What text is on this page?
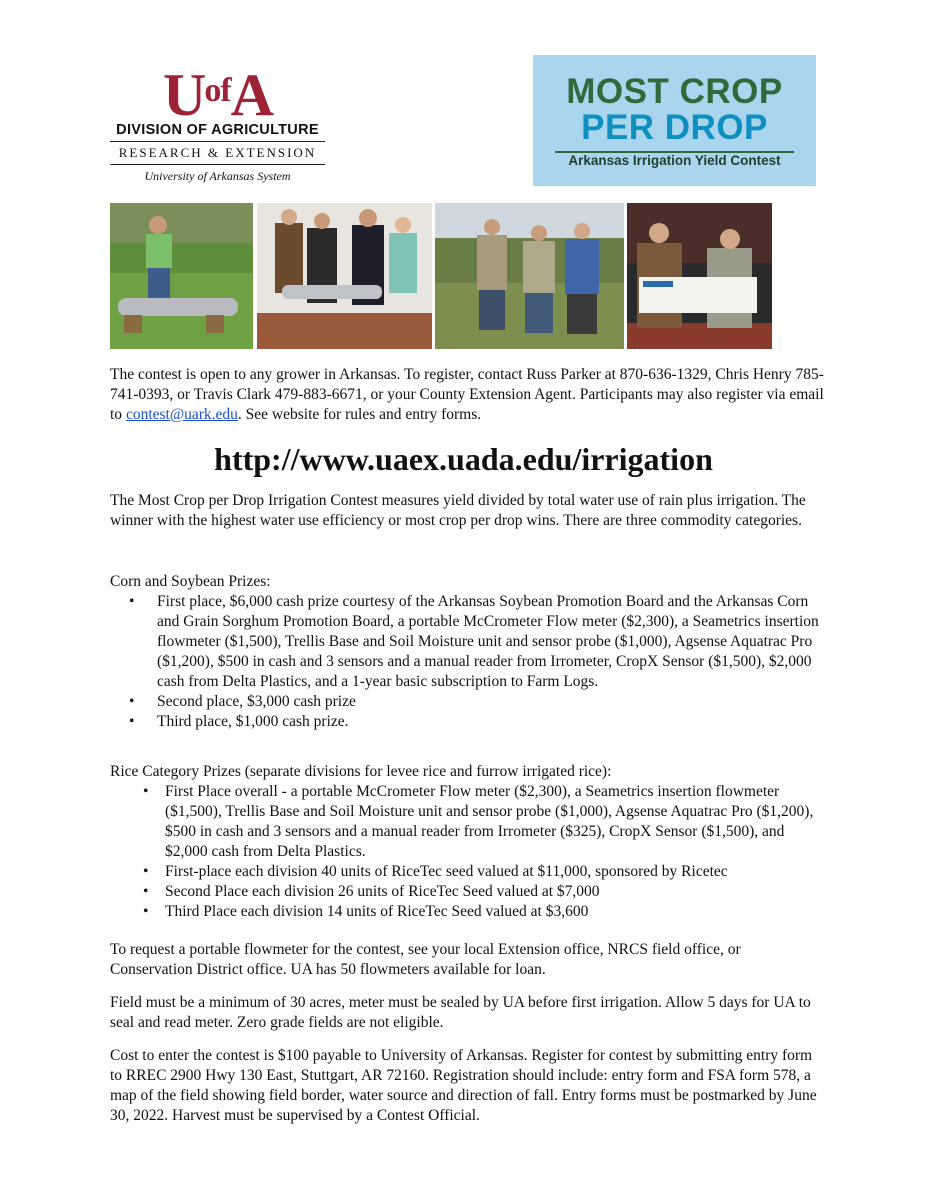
$U^{of}A$
DIVISION OF AGRICULTURE
RESEARCH & EXTENSION
University of Arkansas System
MOST CROP
PER DROP
Arkansas Irrigation Yield Contest
The contest is open to any grower in Arkansas. To register, contact Russ Parker at 870-636-1329, Chris Henry 785-741-0393, or Travis Clark 479-883-6671, or your County Extension Agent. Participants may also register via email to contest@uark.edu. See website for rules and entry forms.
http://www.uaex.uada.edu/irrigation
The Most Crop per Drop Irrigation Contest measures yield divided by total water use of rain plus irrigation. The winner with the highest water use efficiency or most crop per drop wins. There are three commodity categories.
Corn and Soybean Prizes:
• First place, $6,000 cash prize courtesy of the Arkansas Soybean Promotion Board and the Arkansas Corn and Grain Sorghum Promotion Board, a portable McCrometer Flow meter ($2,300), a Seametrics insertion flowmeter ($1,500), Trellis Base and Soil Moisture unit and sensor probe ($1,000), Agsense Aquatrac Pro ($1,200), $500 in cash and 3 sensors and a manual reader from Irrometer, CropX Sensor ($1,500), $2,000 cash from Delta Plastics, and a 1-year basic subscription to Farm Logs.
• Second place, $3,000 cash prize
• Third place, $1,000 cash prize.
Rice Category Prizes (separate divisions for levee rice and furrow irrigated rice):
• First Place overall - a portable McCrometer Flow meter ($2,300), a Seametrics insertion flowmeter ($1,500), Trellis Base and Soil Moisture unit and sensor probe ($1,000), Agsense Aquatrac Pro ($1,200), $500 in cash and 3 sensors and a manual reader from Irrometer ($325), CropX Sensor ($1,500), and $2,000 cash from Delta Plastics.
• First-place each division 40 units of RiceTec seed valued at $11,000, sponsored by Ricetec
• Second Place each division 26 units of RiceTec Seed valued at $7,000
• Third Place each division 14 units of RiceTec Seed valued at $3,600
To request a portable flowmeter for the contest, see your local Extension office, NRCS field office, or Conservation District office. UA has 50 flowmeters available for loan.
Field must be a minimum of 30 acres, meter must be sealed by UA before first irrigation. Allow 5 days for UA to seal and read meter. Zero grade fields are not eligible.
Cost to enter the contest is $100 payable to University of Arkansas. Register for contest by submitting entry form to RREC 2900 Hwy 130 East, Stuttgart, AR 72160. Registration should include: entry form and FSA form 578, a map of the field showing field border, water source and direction of fall. Entry forms must be postmarked by June 30, 2022. Harvest must be supervised by a Contest Official.
